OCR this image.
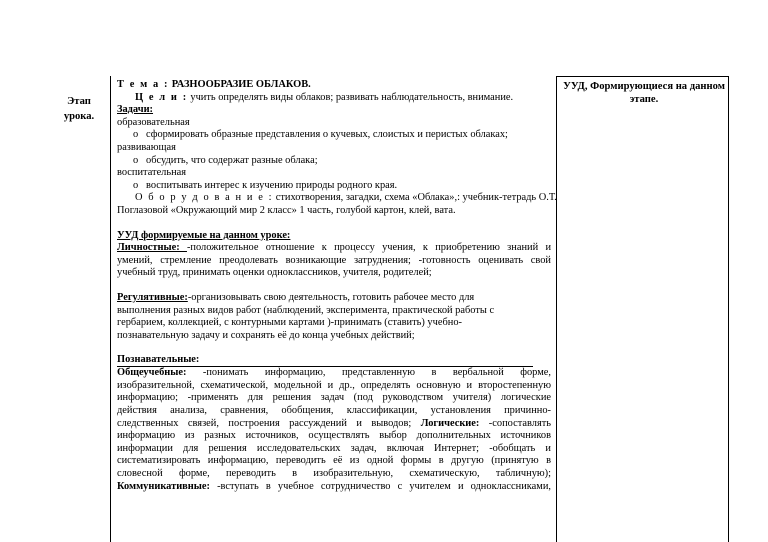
Этап урока.
УУД, Формирующиеся на данном этапе.
Т е м а : РАЗНООБРАЗИЕ ОБЛАКОВ.
Ц е л и : учить определять виды облаков; развивать наблюдательность, внимание.
Задачи:
образовательная
o сформировать образные представления о кучевых, слоистых и перистых облаках;
развивающая
o обсудить, что содержат разные облака;
воспитательная
o воспитывать интерес к изучению природы родного края.
О б о р у д о в а н и е : стихотворения, загадки, схема «Облака»,: учебник-тетрадь О.Т.
Поглазовой «Окружающий мир 2 класс» 1 часть, голубой картон, клей, вата.
УУД формируемые на данном уроке:
Личностные: -положительное отношение к процессу учения, к приобретению знаний и
умений, стремление преодолевать возникающие затруднения; -готовность оценивать свой
учебный труд, принимать оценки одноклассников, учителя, родителей;
Регулятивные:-организовывать свою деятельность, готовить рабочее место для
выполнения разных видов работ (наблюдений, эксперимента, практической работы с
гербарием, коллекцией, с контурными картами )-принимать (ставить) учебно-
познавательную задачу и сохранять её до конца учебных действий;
Познавательные:
Общеучебные: -понимать информацию, представленную в вербальной форме,
изобразительной, схематической, модельной и др., определять основную и второстепенную
информацию; -применять для решения задач (под руководством учителя) логические
действия анализа, сравнения, обобщения, классификации, установления причинно-
следственных связей, построения рассуждений и выводов; Логические: -сопоставлять
информацию из разных источников, осуществлять выбор дополнительных источников
информации для решения исследовательских задач, включая Интернет; -обобщать и
систематизировать информацию, переводить её из одной формы в другую (принятую в
словесной форме, переводить в изобразительную, схематическую, табличную);
Коммуникативные: -вступать в учебное сотрудничество с учителем и одноклассниками,
